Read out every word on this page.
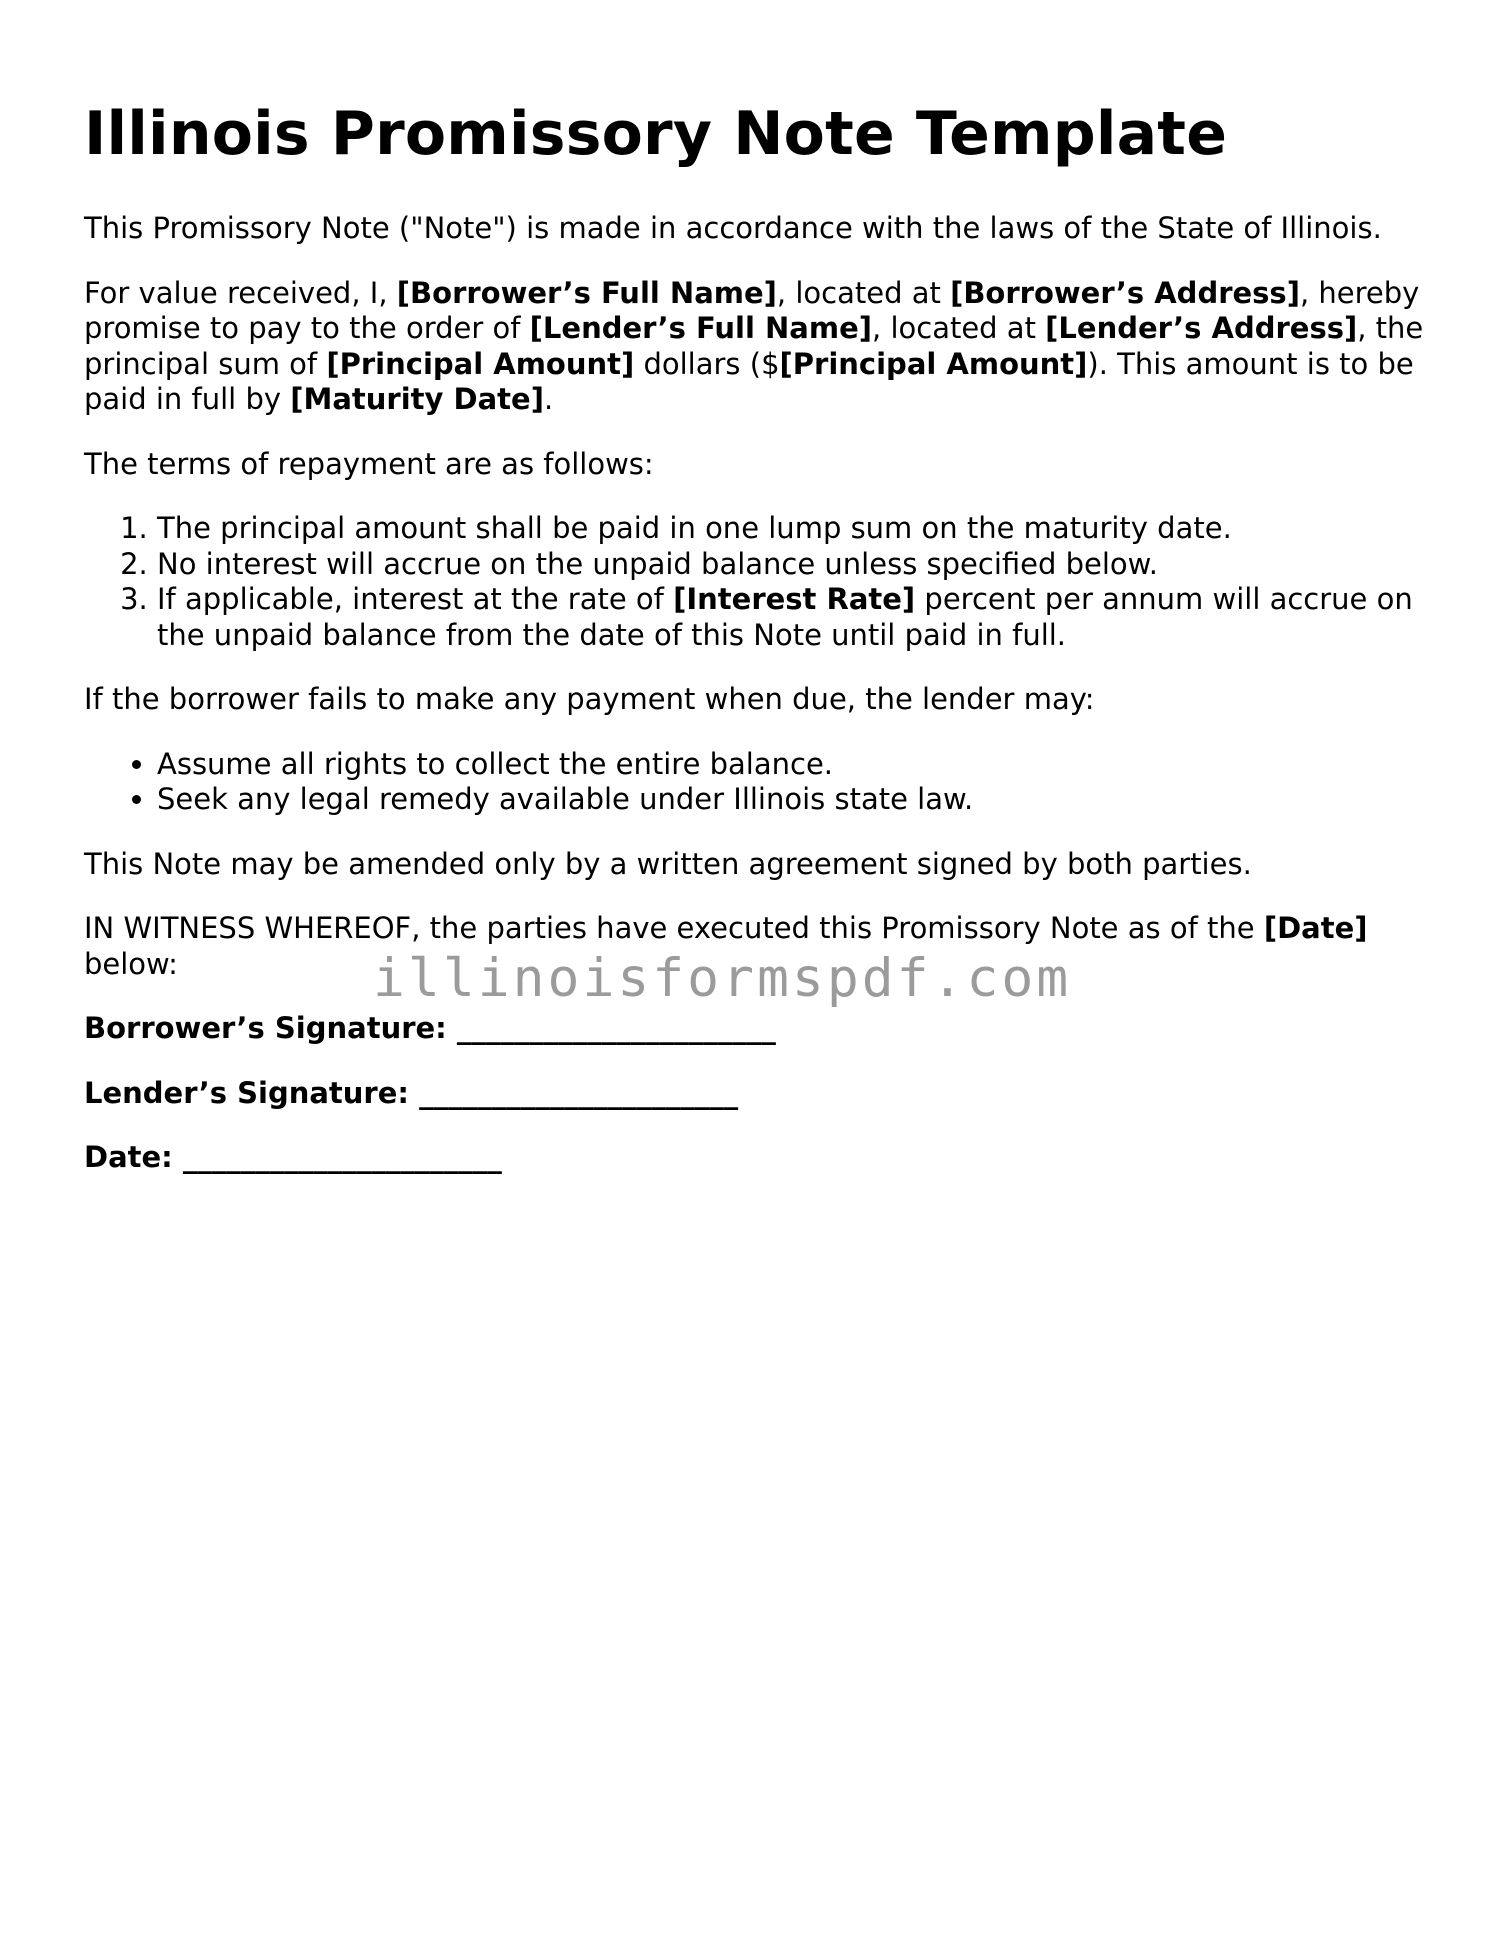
Illinois Promissory Note Template

This Promissory Note ("Note") is made in accordance with the laws of the State of Illinois.

For value received, I, [Borrower’s Full Name], located at [Borrower’s Address], hereby promise to pay to the order of [Lender’s Full Name], located at [Lender’s Address], the principal sum of [Principal Amount] dollars ($[Principal Amount]). This amount is to be paid in full by [Maturity Date].

The terms of repayment are as follows:

1. The principal amount shall be paid in one lump sum on the maturity date.
2. No interest will accrue on the unpaid balance unless specified below.
3. If applicable, interest at the rate of [Interest Rate] percent per annum will accrue on the unpaid balance from the date of this Note until paid in full.

If the borrower fails to make any payment when due, the lender may:

• Assume all rights to collect the entire balance.
• Seek any legal remedy available under Illinois state law.

This Note may be amended only by a written agreement signed by both parties.

IN WITNESS WHEREOF, the parties have executed this Promissory Note as of the [Date] below:

Borrower’s Signature: ______________________

Lender’s Signature: ______________________

Date: ______________________

illinoisformspdf.com
